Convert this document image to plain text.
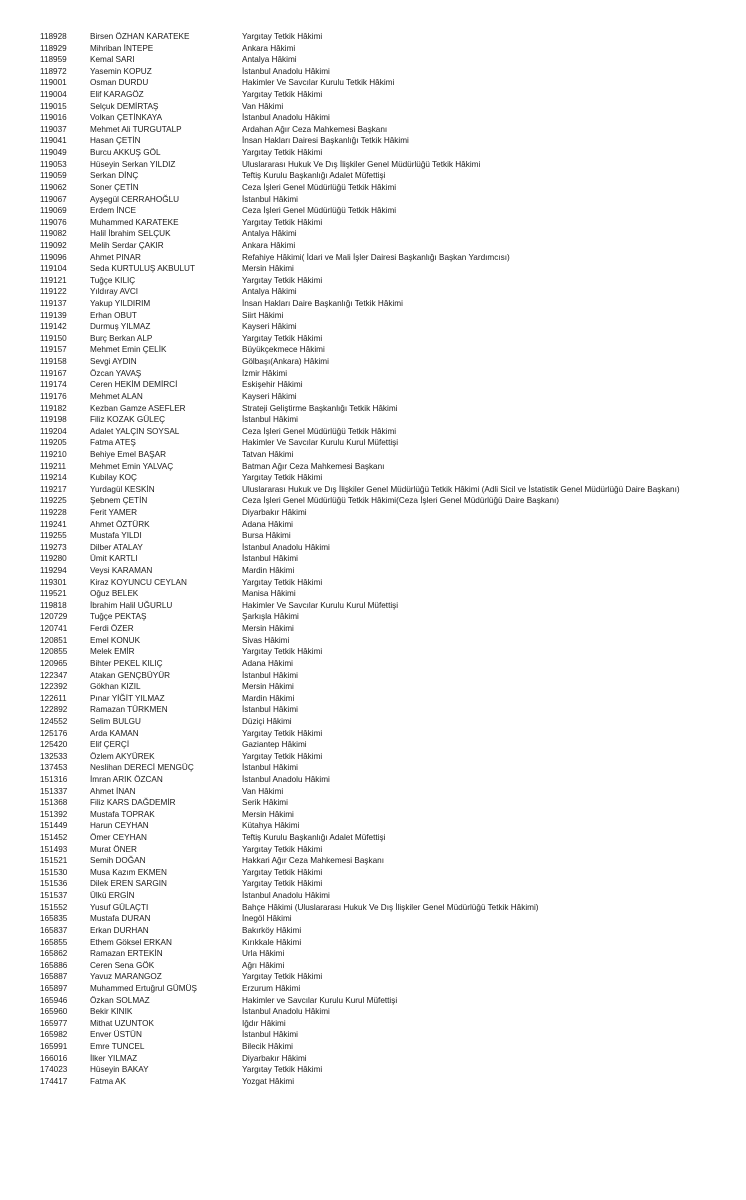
118928	Birsen ÖZHAN KARATEKE	Yargıtay Tetkik Hâkimi
118929	Mihriban İNTEPE	Ankara Hâkimi
118959	Kemal SARI	Antalya Hâkimi
118972	Yasemin KOPUZ	İstanbul Anadolu Hâkimi
119001	Osman DURDU	Hakimler Ve Savcılar Kurulu Tetkik Hâkimi
119004	Elif KARAGÖZ	Yargıtay Tetkik Hâkimi
119015	Selçuk DEMİRTAŞ	Van Hâkimi
119016	Volkan ÇETİNKAYA	İstanbul Anadolu Hâkimi
119037	Mehmet Ali TURGUTALP	Ardahan Ağır Ceza Mahkemesi Başkanı
119041	Hasan ÇETİN	İnsan Hakları Dairesi Başkanlığı Tetkik Hâkimi
119049	Burcu AKKUŞ GÖL	Yargıtay Tetkik Hâkimi
119053	Hüseyin Serkan YILDIZ	Uluslararası Hukuk Ve Dış İlişkiler Genel Müdürlüğü Tetkik Hâkimi
119059	Serkan DİNÇ	Teftiş Kurulu Başkanlığı Adalet Müfettişi
119062	Soner ÇETİN	Ceza İşleri Genel Müdürlüğü Tetkik Hâkimi
119067	Ayşegül CERRAHOĞLU	İstanbul Hâkimi
119069	Erdem İNCE	Ceza İşleri Genel Müdürlüğü Tetkik Hâkimi
119076	Muhammed KARATEKE	Yargıtay Tetkik Hâkimi
119082	Halil İbrahim SELÇUK	Antalya Hâkimi
119092	Melih Serdar ÇAKIR	Ankara Hâkimi
119096	Ahmet PINAR	Refahiye Hâkimi( İdari ve Mali İşler Dairesi Başkanlığı Başkan Yardımcısı)
119104	Seda KURTULUŞ AKBULUT	Mersin Hâkimi
119121	Tuğçe KILIÇ	Yargıtay Tetkik Hâkimi
119122	Yıldıray AVCI	Antalya Hâkimi
119137	Yakup YILDIRIM	İnsan Hakları Daire Başkanlığı Tetkik Hâkimi
119139	Erhan OBUT	Siirt Hâkimi
119142	Durmuş YILMAZ	Kayseri Hâkimi
119150	Burç Berkan ALP	Yargıtay Tetkik Hâkimi
119157	Mehmet Emin ÇELİK	Büyükçekmece Hâkimi
119158	Sevgi AYDIN	Gölbaşı(Ankara) Hâkimi
119167	Özcan YAVAŞ	İzmir Hâkimi
119174	Ceren HEKİM DEMİRCİ	Eskişehir Hâkimi
119176	Mehmet ALAN	Kayseri Hâkimi
119182	Kezban Gamze ASEFLER	Strateji Geliştirme Başkanlığı Tetkik Hâkimi
119198	Filiz KOZAK GÜLEÇ	İstanbul Hâkimi
119204	Adalet YALÇIN SOYSAL	Ceza İşleri Genel Müdürlüğü Tetkik Hâkimi
119205	Fatma ATEŞ	Hakimler Ve Savcılar Kurulu Kurul Müfettişi
119210	Behiye Emel BAŞAR	Tatvan Hâkimi
119211	Mehmet Emin YALVAÇ	Batman Ağır Ceza Mahkemesi Başkanı
119214	Kubilay KOÇ	Yargıtay Tetkik Hâkimi
119217	Yurdagül KESKİN	Uluslararası Hukuk ve Dış İlişkiler Genel Müdürlüğü Tetkik Hâkimi (Adli Sicil ve İstatistik Genel Müdürlüğü Daire Başkanı)
119225	Şebnem ÇETİN	Ceza İşleri Genel Müdürlüğü Tetkik Hâkimi(Ceza İşleri Genel Müdürlüğü Daire Başkanı)
119228	Ferit YAMER	Diyarbakır Hâkimi
119241	Ahmet ÖZTÜRK	Adana Hâkimi
119255	Mustafa YILDI	Bursa Hâkimi
119273	Dilber ATALAY	İstanbul Anadolu Hâkimi
119280	Ümit KARTLI	İstanbul Hâkimi
119294	Veysi KARAMAN	Mardin Hâkimi
119301	Kiraz KOYUNCU CEYLAN	Yargıtay Tetkik Hâkimi
119521	Oğuz BELEK	Manisa Hâkimi
119818	İbrahim Halil UĞURLU	Hakimler Ve Savcılar Kurulu Kurul Müfettişi
120729	Tuğçe PEKTAŞ	Şarkışla Hâkimi
120741	Ferdi ÖZER	Mersin Hâkimi
120851	Emel KONUK	Sivas Hâkimi
120855	Melek EMİR	Yargıtay Tetkik Hâkimi
120965	Bihter PEKEL KILIÇ	Adana Hâkimi
122347	Atakan GENÇBÜYÜR	İstanbul Hâkimi
122392	Gökhan KIZIL	Mersin Hâkimi
122611	Pınar YİĞİT YILMAZ	Mardin Hâkimi
122892	Ramazan TÜRKMEN	İstanbul Hâkimi
124552	Selim BULGU	Düziçi Hâkimi
125176	Arda KAMAN	Yargıtay Tetkik Hâkimi
125420	Elif ÇERÇİ	Gaziantep Hâkimi
132533	Özlem AKYÜREK	Yargıtay Tetkik Hâkimi
137453	Neslihan DERECİ MENGÜÇ	İstanbul Hâkimi
151316	İmran ARIK ÖZCAN	İstanbul Anadolu Hâkimi
151337	Ahmet İNAN	Van Hâkimi
151368	Filiz KARS DAĞDEMİR	Serik Hâkimi
151392	Mustafa TOPRAK	Mersin Hâkimi
151449	Harun CEYHAN	Kütahya Hâkimi
151452	Ömer CEYHAN	Teftiş Kurulu Başkanlığı Adalet Müfettişi
151493	Murat ÖNER	Yargıtay Tetkik Hâkimi
151521	Semih DOĞAN	Hakkari Ağır Ceza Mahkemesi Başkanı
151530	Musa Kazım EKMEN	Yargıtay Tetkik Hâkimi
151536	Dilek EREN SARGIN	Yargıtay Tetkik Hâkimi
151537	Ülkü ERGİN	İstanbul Anadolu Hâkimi
151552	Yusuf GÜLAÇTI	Bahçe Hâkimi (Uluslararası Hukuk Ve Dış İlişkiler Genel Müdürlüğü Tetkik Hâkimi)
165835	Mustafa DURAN	İnegöl Hâkimi
165837	Erkan DURHAN	Bakırköy Hâkimi
165855	Ethem Göksel ERKAN	Kırıkkale Hâkimi
165862	Ramazan ERTEKİN	Urla Hâkimi
165886	Ceren Sena GÖK	Ağrı Hâkimi
165887	Yavuz MARANGOZ	Yargıtay Tetkik Hâkimi
165897	Muhammed Ertuğrul GÜMÜŞ	Erzurum Hâkimi
165946	Özkan SOLMAZ	Hakimler ve Savcılar Kurulu Kurul Müfettişi
165960	Bekir KINIK	İstanbul Anadolu Hâkimi
165977	Mithat UZUNTOK	Iğdır Hâkimi
165982	Enver ÜSTÜN	İstanbul Hâkimi
165991	Emre TUNCEL	Bilecik Hâkimi
166016	İlker YILMAZ	Diyarbakır Hâkimi
174023	Hüseyin BAKAY	Yargıtay Tetkik Hâkimi
174417	Fatma AK	Yozgat Hâkimi
